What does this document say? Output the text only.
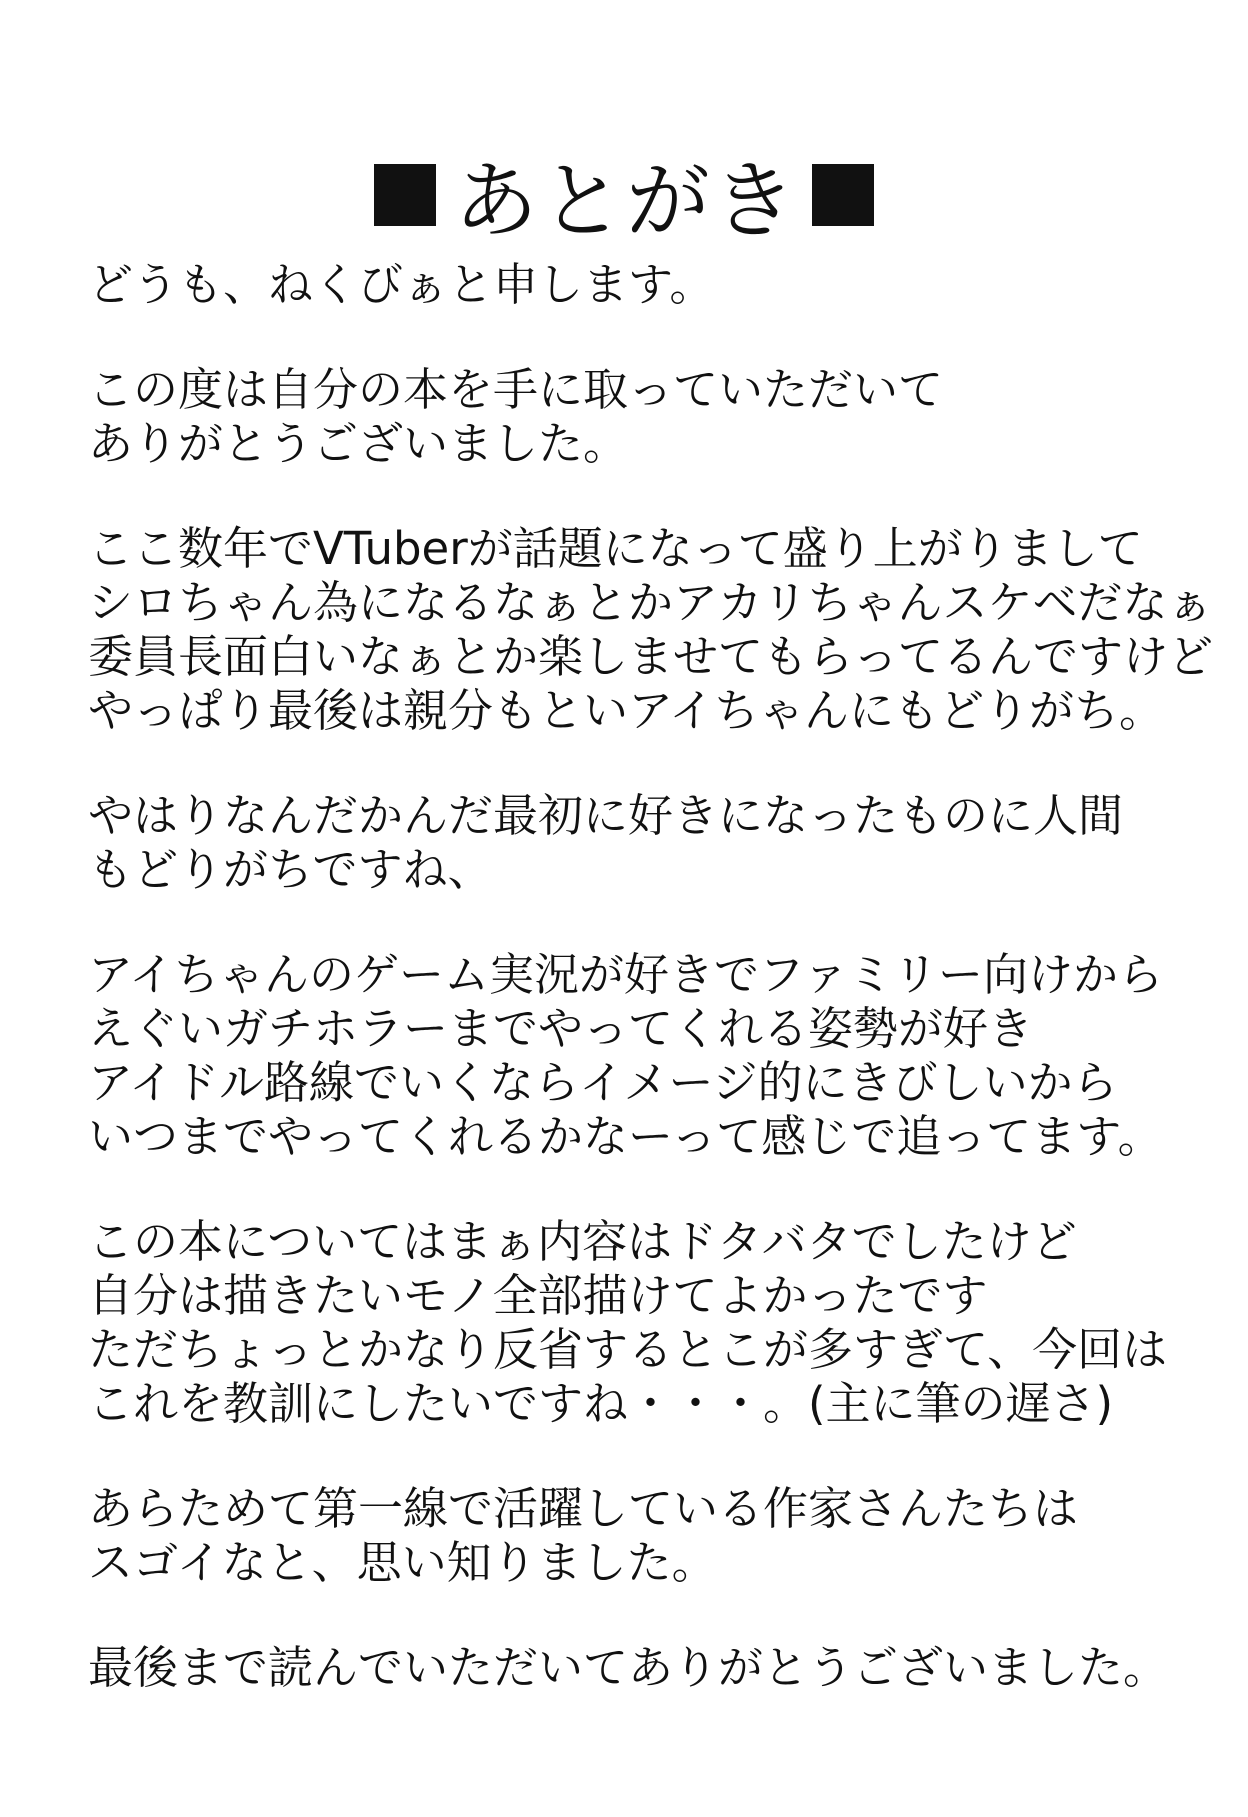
あとがき
どうも、ねくびぁと申します。
この度は自分の本を手に取っていただいて
ありがとうございました。
ここ数年でVTuberが話題になって盛り上がりまして
シロちゃん為になるなぁとかアカリちゃんスケベだなぁ
委員長面白いなぁとか楽しませてもらってるんですけど
やっぱり最後は親分もといアイちゃんにもどりがち。
やはりなんだかんだ最初に好きになったものに人間
もどりがちですね、
アイちゃんのゲーム実況が好きでファミリー向けから
えぐいガチホラーまでやってくれる姿勢が好き
アイドル路線でいくならイメージ的にきびしいから
いつまでやってくれるかなーって感じで追ってます。
この本についてはまぁ内容はドタバタでしたけど
自分は描きたいモノ全部描けてよかったです
ただちょっとかなり反省するとこが多すぎて、今回は
これを教訓にしたいですね・・・。(主に筆の遅さ)
あらためて第一線で活躍している作家さんたちは
スゴイなと、思い知りました。
最後まで読んでいただいてありがとうございました。
